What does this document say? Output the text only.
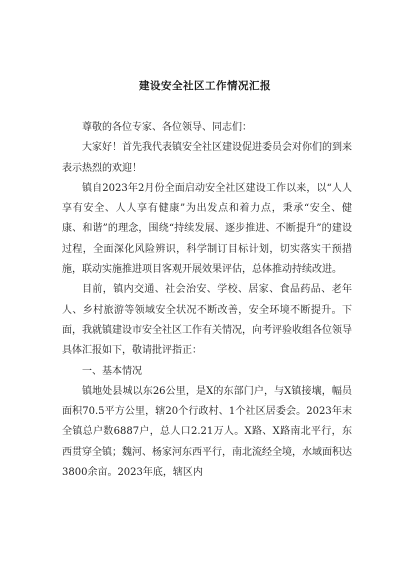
建设安全社区工作情况汇报

尊敬的各位专家、各位领导、同志们：

大家好！首先我代表镇安全社区建设促进委员会对你们的到来表示热烈的欢迎！

镇自2023年2月份全面启动安全社区建设工作以来，以“人人享有安全、人人享有健康”为出发点和着力点，秉承“安全、健康、和谐”的理念，围绕“持续发展、逐步推进、不断提升”的建设过程，全面深化风险辨识，科学制订目标计划，切实落实干预措施，联动实施推进项目客观开展效果评估，总体推动持续改进。

目前，镇内交通、社会治安、学校、居家、食品药品、老年人、乡村旅游等领域安全状况不断改善，安全环境不断提升。下面，我就镇建设市安全社区工作有关情况，向考评验收组各位领导具体汇报如下，敬请批评指正：

一、基本情况

镇地处县城以东26公里，是X的东部门户，与X镇接壤，幅员面积70.5平方公里，辖20个行政村、1个社区居委会。2023年末全镇总户数6887户，总人口2.21万人。X路、X路南北平行，东西贯穿全镇；魏河、杨家河东西平行，南北流经全境，水域面积达3800余亩。2023年底，辖区内
